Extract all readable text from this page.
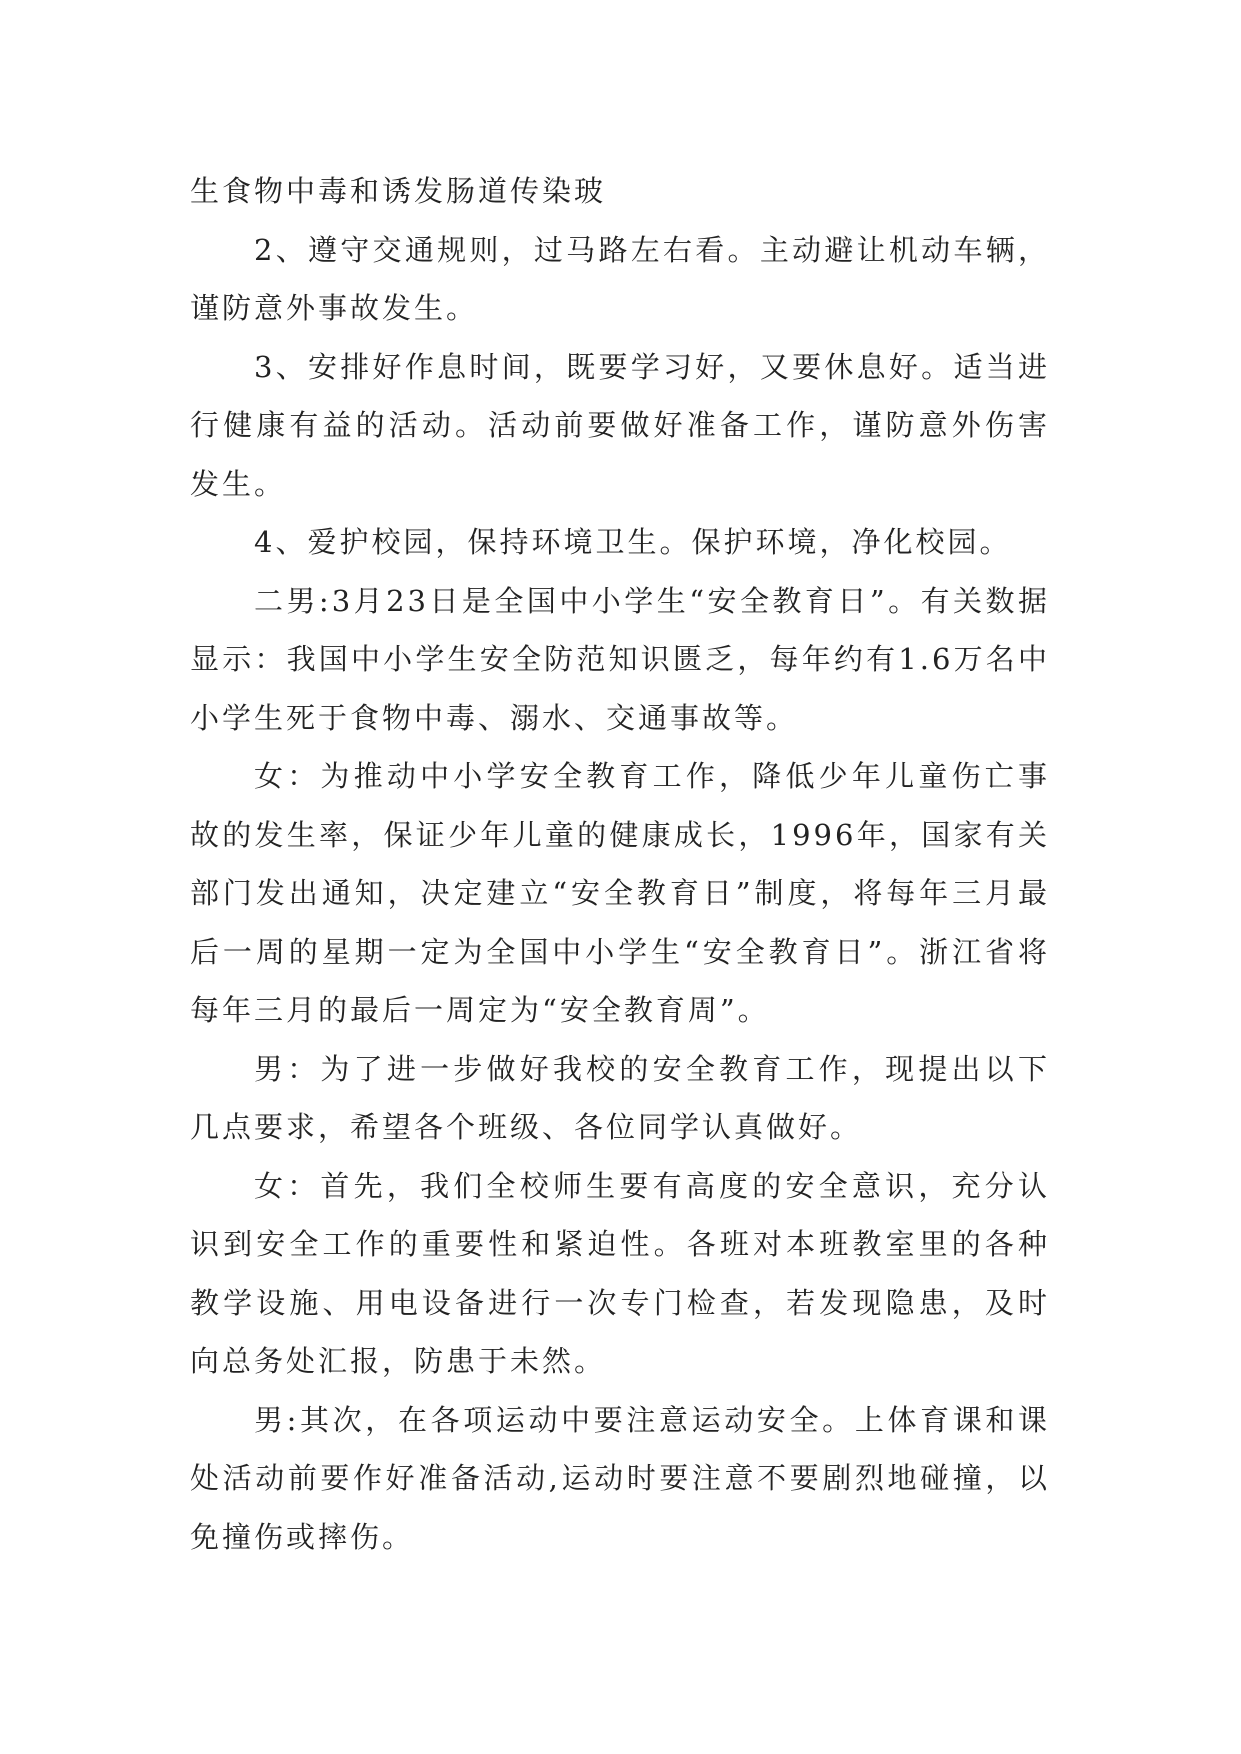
生食物中毒和诱发肠道传染玻

2、遵守交通规则，过马路左右看。主动避让机动车辆，谨防意外事故发生。

3、安排好作息时间，既要学习好，又要休息好。适当进行健康有益的活动。活动前要做好准备工作，谨防意外伤害发生。

4、爱护校园，保持环境卫生。保护环境，净化校园。

二男:3月23日是全国中小学生“安全教育日”。有关数据显示：我国中小学生安全防范知识匮乏，每年约有1.6万名中小学生死于食物中毒、溺水、交通事故等。

女：为推动中小学安全教育工作，降低少年儿童伤亡事故的发生率，保证少年儿童的健康成长，1996年，国家有关部门发出通知，决定建立“安全教育日”制度，将每年三月最后一周的星期一定为全国中小学生“安全教育日”。浙江省将每年三月的最后一周定为“安全教育周”。

男：为了进一步做好我校的安全教育工作，现提出以下几点要求，希望各个班级、各位同学认真做好。

女：首先，我们全校师生要有高度的安全意识，充分认识到安全工作的重要性和紧迫性。各班对本班教室里的各种教学设施、用电设备进行一次专门检查，若发现隐患，及时向总务处汇报，防患于未然。

男:其次，在各项运动中要注意运动安全。上体育课和课处活动前要作好准备活动,运动时要注意不要剧烈地碰撞，以免撞伤或摔伤。
